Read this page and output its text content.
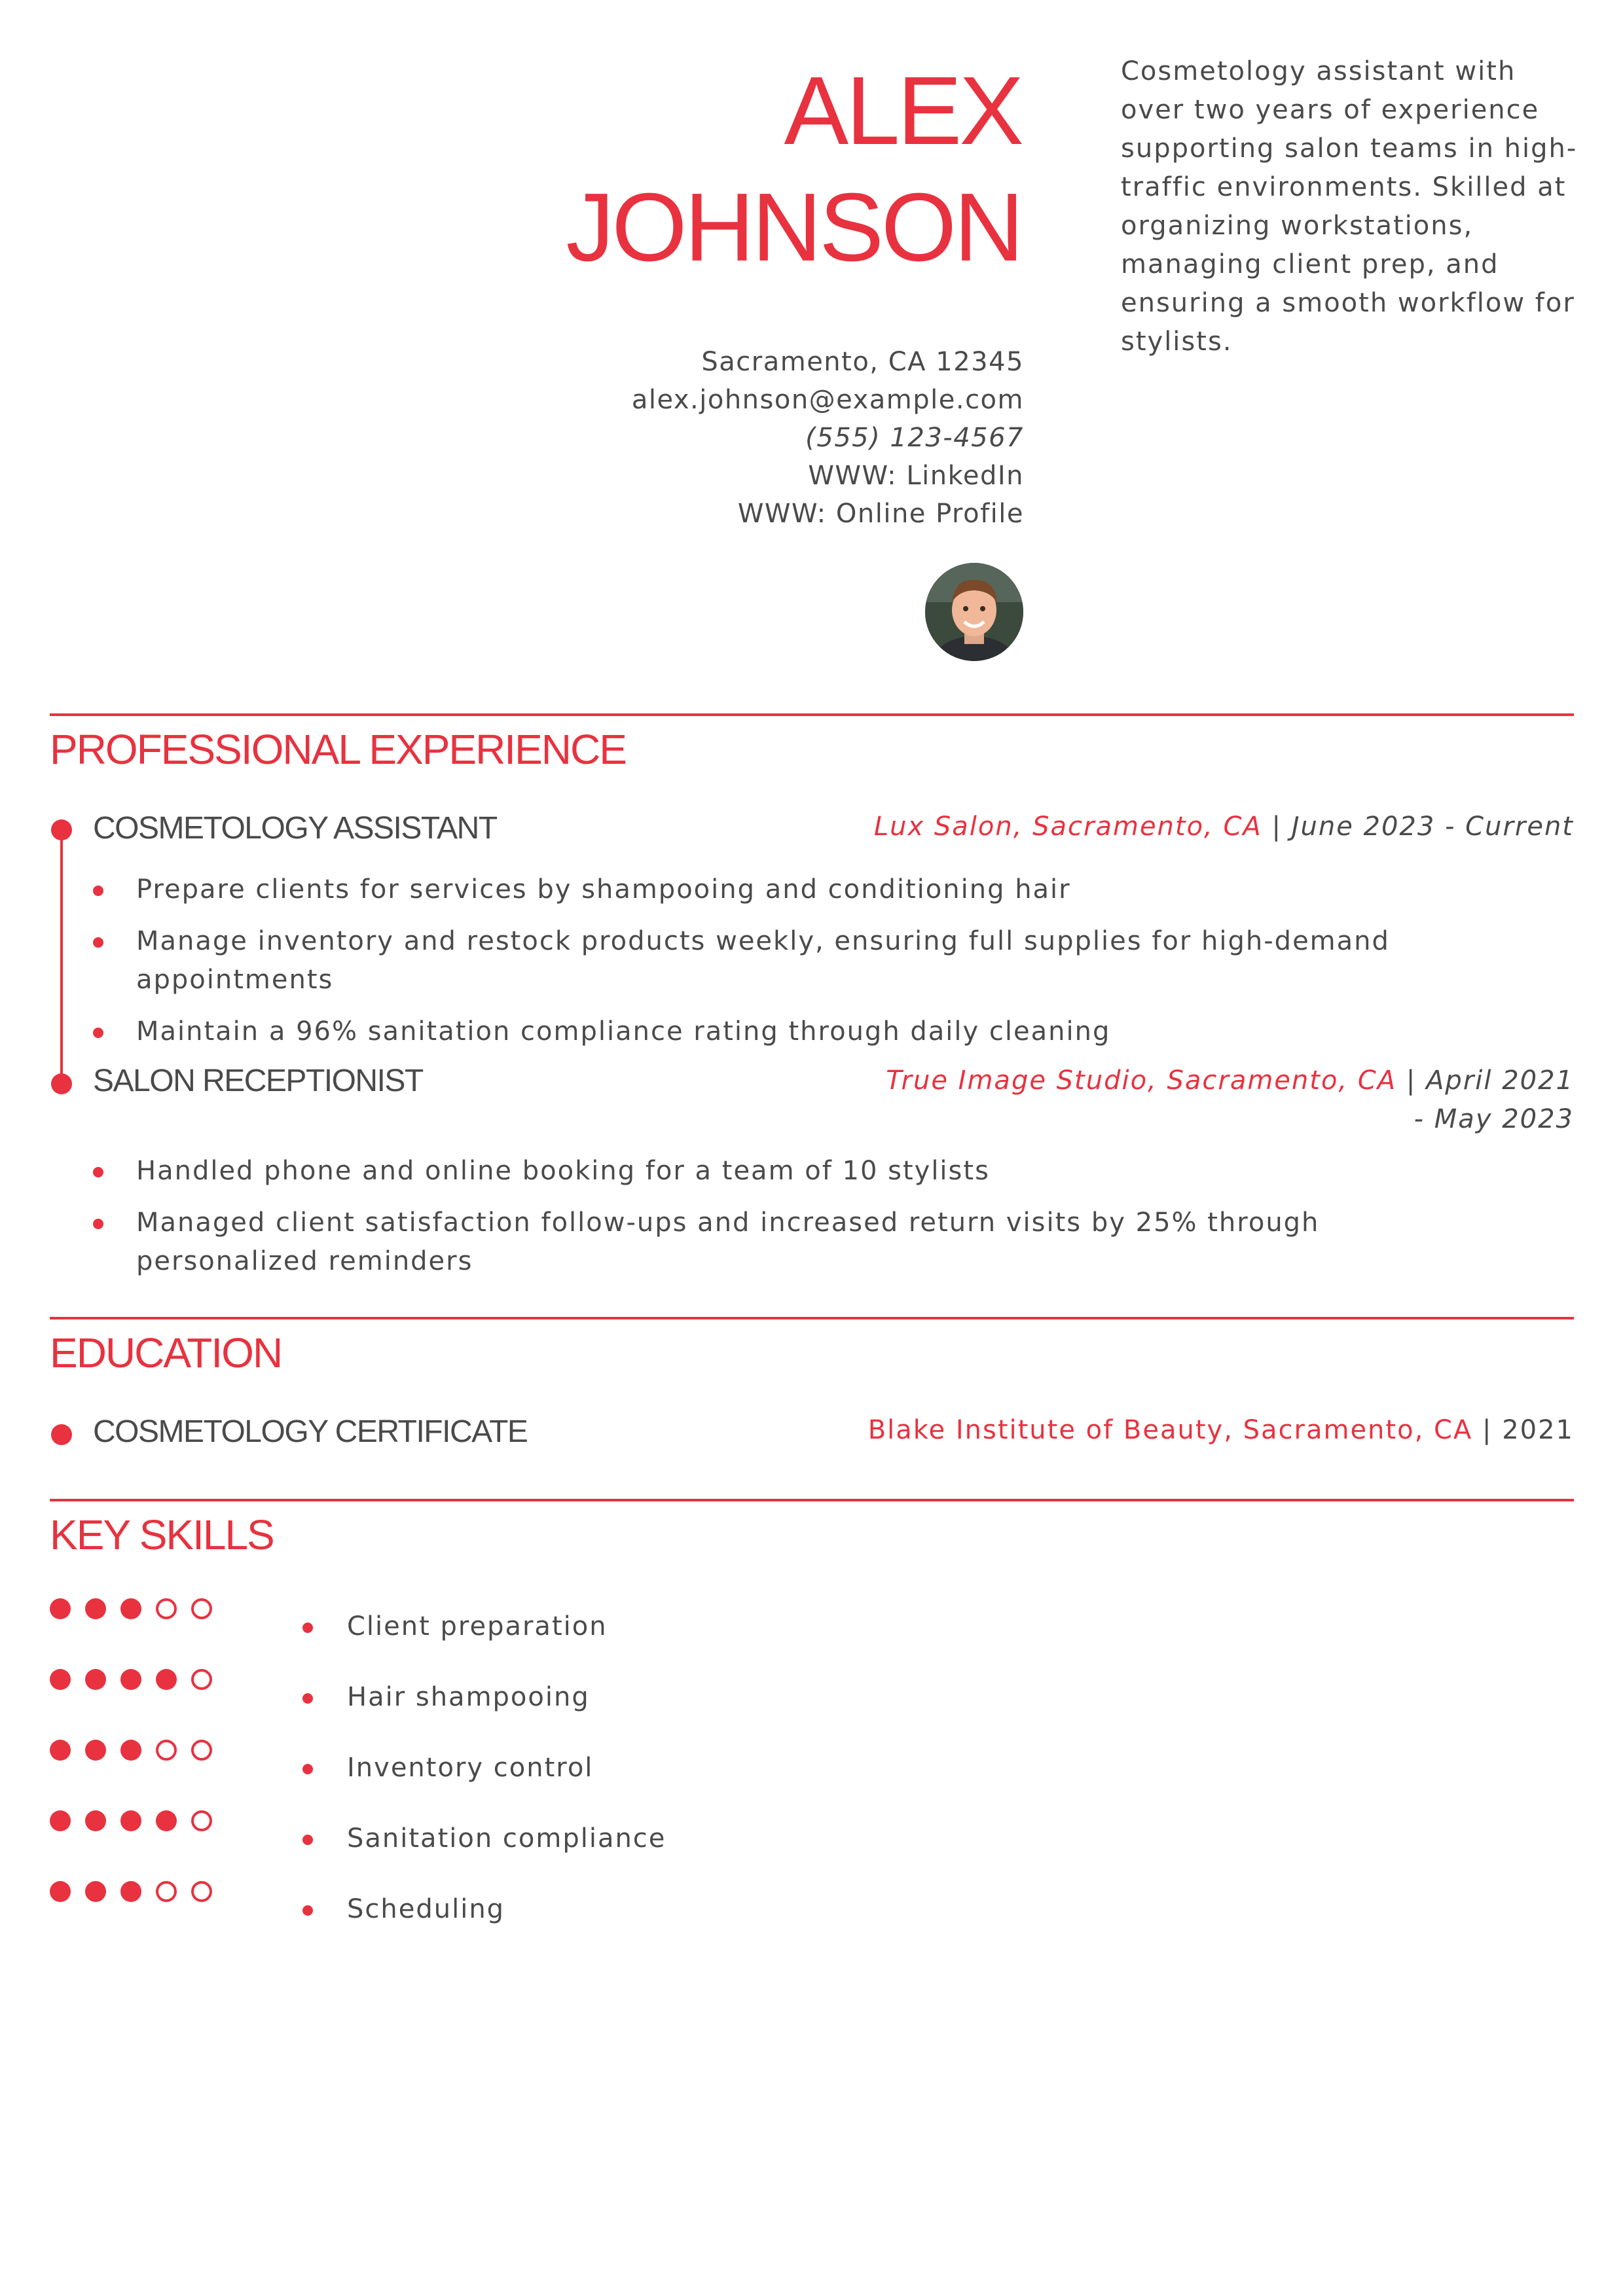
ALEX
JOHNSON
Cosmetology assistant with over two years of experience supporting salon teams in high-traffic environments. Skilled at organizing workstations, managing client prep, and ensuring a smooth workflow for stylists.
Sacramento, CA 12345
alex.johnson@example.com
(555) 123-4567
WWW: LinkedIn
WWW: Online Profile
PROFESSIONAL EXPERIENCE
COSMETOLOGY ASSISTANT	Lux Salon, Sacramento, CA | June 2023 - Current
Prepare clients for services by shampooing and conditioning hair
Manage inventory and restock products weekly, ensuring full supplies for high-demand appointments
Maintain a 96% sanitation compliance rating through daily cleaning
SALON RECEPTIONIST	True Image Studio, Sacramento, CA | April 2021 - May 2023
Handled phone and online booking for a team of 10 stylists
Managed client satisfaction follow-ups and increased return visits by 25% through personalized reminders
EDUCATION
COSMETOLOGY CERTIFICATE	Blake Institute of Beauty, Sacramento, CA | 2021
KEY SKILLS
Client preparation
Hair shampooing
Inventory control
Sanitation compliance
Scheduling
